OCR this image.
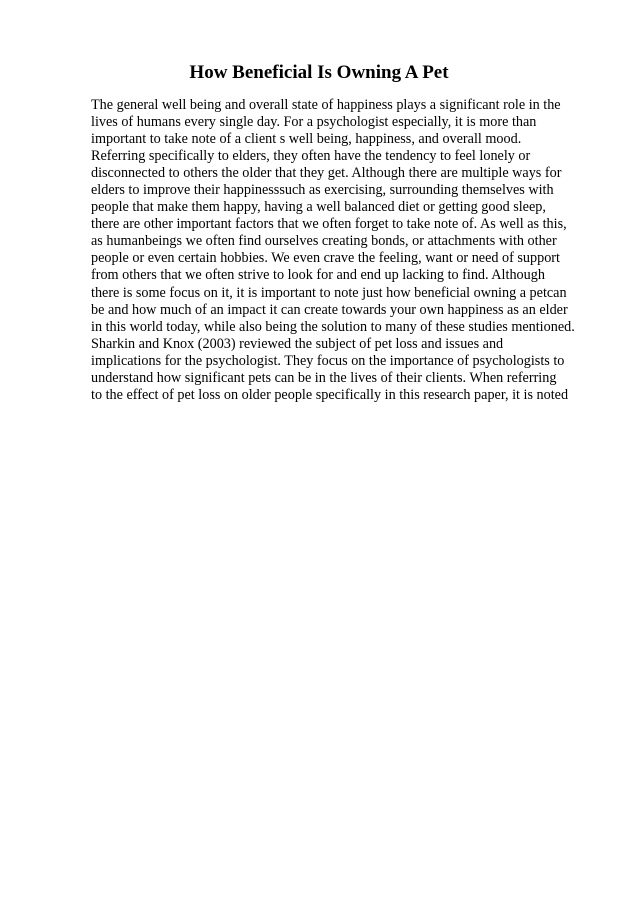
How Beneficial Is Owning A Pet
The general well being and overall state of happiness plays a significant role in the
lives of humans every single day. For a psychologist especially, it is more than
important to take note of a client s well being, happiness, and overall mood.
Referring specifically to elders, they often have the tendency to feel lonely or
disconnected to others the older that they get. Although there are multiple ways for
elders to improve their happinesssuch as exercising, surrounding themselves with
people that make them happy, having a well balanced diet or getting good sleep,
there are other important factors that we often forget to take note of. As well as this,
as humanbeings we often find ourselves creating bonds, or attachments with other
people or even certain hobbies. We even crave the feeling, want or need of support
from others that we often strive to look for and end up lacking to find. Although
there is some focus on it, it is important to note just how beneficial owning a petcan
be and how much of an impact it can create towards your own happiness as an elder
in this world today, while also being the solution to many of these studies mentioned.
Sharkin and Knox (2003) reviewed the subject of pet loss and issues and
implications for the psychologist. They focus on the importance of psychologists to
understand how significant pets can be in the lives of their clients. When referring
to the effect of pet loss on older people specifically in this research paper, it is noted
